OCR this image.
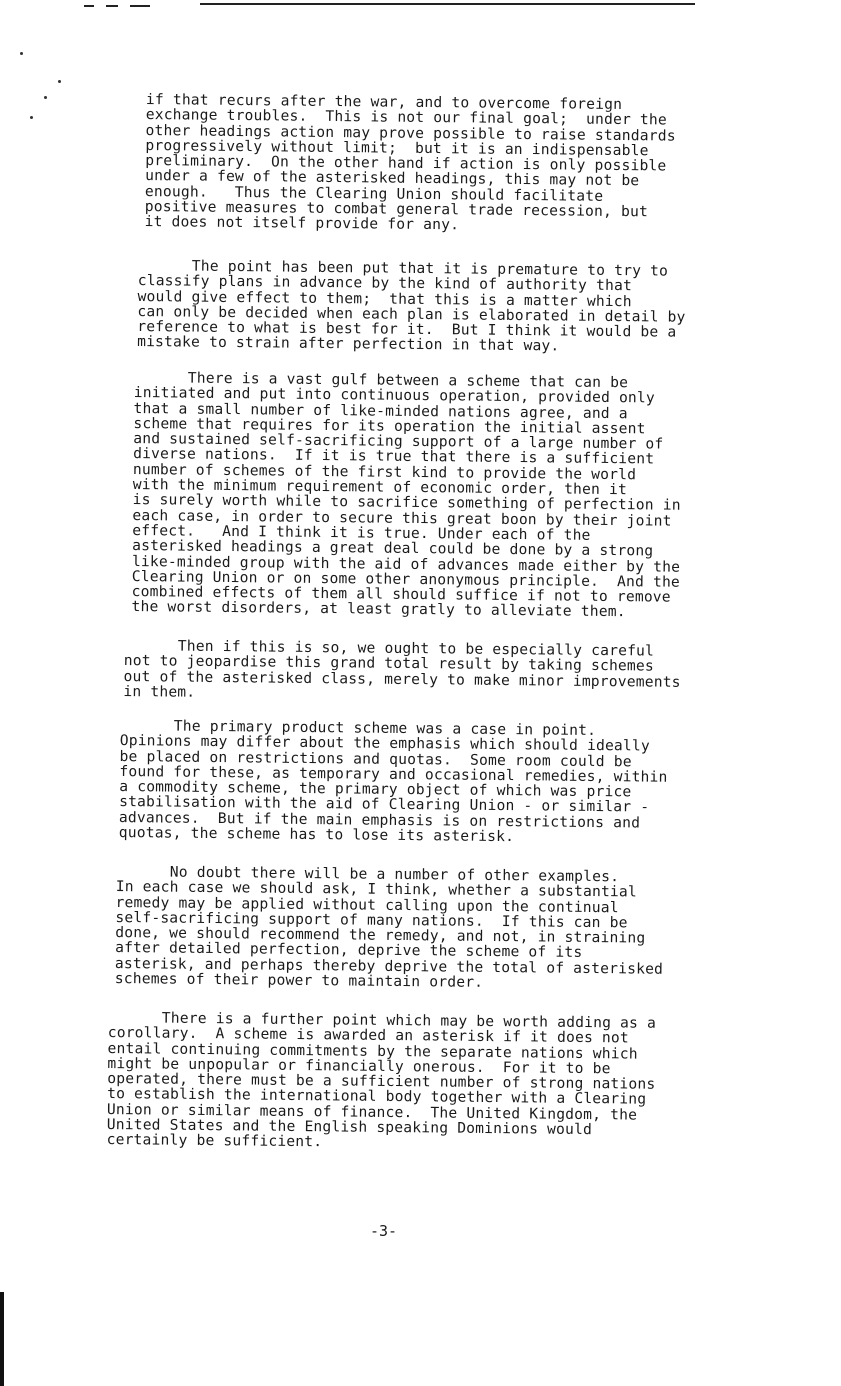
if that recurs after the war, and to overcome foreign
exchange troubles.  This is not our final goal;  under the
other headings action may prove possible to raise standards
progressively without limit;  but it is an indispensable
preliminary.  On the other hand if action is only possible
under a few of the asterisked headings, this may not be
enough.   Thus the Clearing Union should facilitate
positive measures to combat general trade recession, but
it does not itself provide for any.
The point has been put that it is premature to try to
classify plans in advance by the kind of authority that
would give effect to them;  that this is a matter which
can only be decided when each plan is elaborated in detail by
reference to what is best for it.  But I think it would be a
mistake to strain after perfection in that way.
There is a vast gulf between a scheme that can be
initiated and put into continuous operation, provided only
that a small number of like-minded nations agree, and a
scheme that requires for its operation the initial assent
and sustained self-sacrificing support of a large number of
diverse nations.  If it is true that there is a sufficient
number of schemes of the first kind to provide the world
with the minimum requirement of economic order, then it
is surely worth while to sacrifice something of perfection in
each case, in order to secure this great boon by their joint
effect.   And I think it is true. Under each of the
asterisked headings a great deal could be done by a strong
like-minded group with the aid of advances made either by the
Clearing Union or on some other anonymous principle.  And the
combined effects of them all should suffice if not to remove
the worst disorders, at least gratly to alleviate them.
Then if this is so, we ought to be especially careful
not to jeopardise this grand total result by taking schemes
out of the asterisked class, merely to make minor improvements
in them.
The primary product scheme was a case in point.
Opinions may differ about the emphasis which should ideally
be placed on restrictions and quotas.  Some room could be
found for these, as temporary and occasional remedies, within
a commodity scheme, the primary object of which was price
stabilisation with the aid of Clearing Union - or similar -
advances.  But if the main emphasis is on restrictions and
quotas, the scheme has to lose its asterisk.
No doubt there will be a number of other examples.
In each case we should ask, I think, whether a substantial
remedy may be applied without calling upon the continual
self-sacrificing support of many nations.  If this can be
done, we should recommend the remedy, and not, in straining
after detailed perfection, deprive the scheme of its
asterisk, and perhaps thereby deprive the total of asterisked
schemes of their power to maintain order.
There is a further point which may be worth adding as a
corollary.  A scheme is awarded an asterisk if it does not
entail continuing commitments by the separate nations which
might be unpopular or financially onerous.  For it to be
operated, there must be a sufficient number of strong nations
to establish the international body together with a Clearing
Union or similar means of finance.  The United Kingdom, the
United States and the English speaking Dominions would
certainly be sufficient.
-3-
